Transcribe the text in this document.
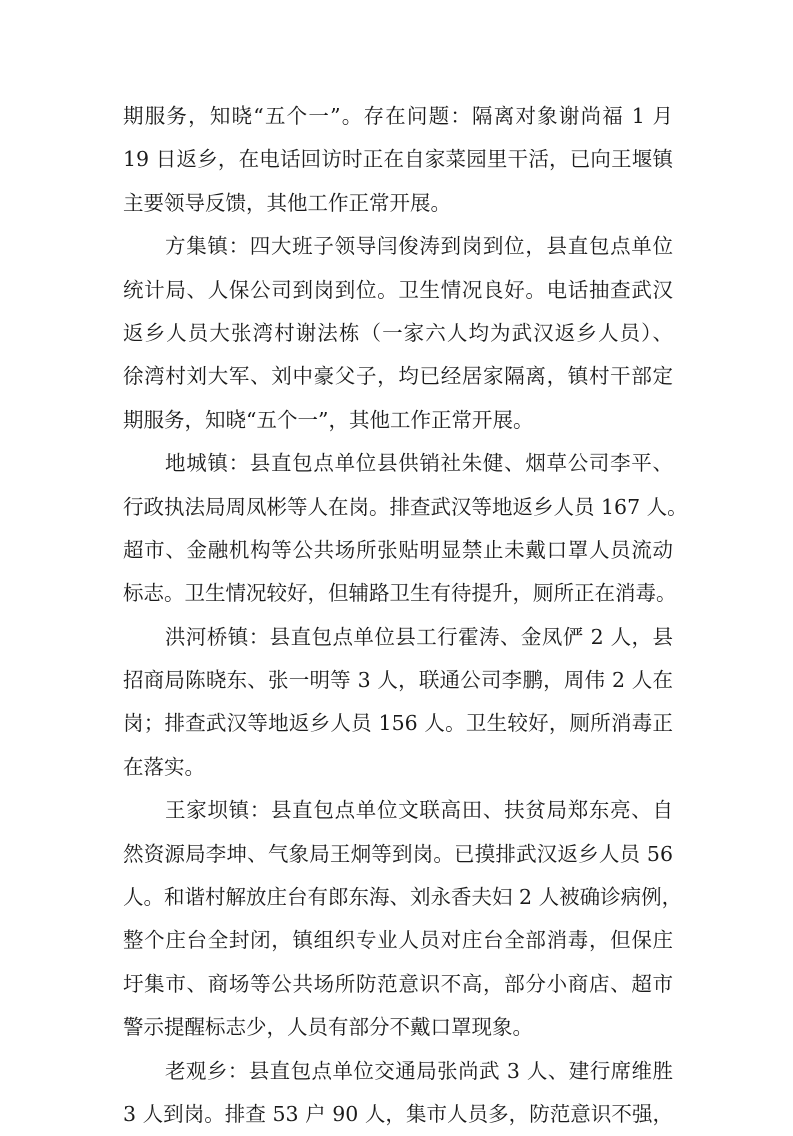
期服务，知晓“五个一”。存在问题：隔离对象谢尚福 1 月
19 日返乡，在电话回访时正在自家菜园里干活，已向王堰镇
主要领导反馈，其他工作正常开展。
方集镇：四大班子领导闫俊涛到岗到位，县直包点单位
统计局、人保公司到岗到位。卫生情况良好。电话抽查武汉
返乡人员大张湾村谢法栋（一家六人均为武汉返乡人员）、
徐湾村刘大军、刘中豪父子，均已经居家隔离，镇村干部定
期服务，知晓“五个一”，其他工作正常开展。
地城镇：县直包点单位县供销社朱健、烟草公司李平、
行政执法局周凤彬等人在岗。排查武汉等地返乡人员 167 人。
超市、金融机构等公共场所张贴明显禁止未戴口罩人员流动
标志。卫生情况较好，但辅路卫生有待提升，厕所正在消毒。
洪河桥镇：县直包点单位县工行霍涛、金凤俨 2 人，县
招商局陈晓东、张一明等 3 人，联通公司李鹏，周伟 2 人在
岗；排查武汉等地返乡人员 156 人。卫生较好，厕所消毒正
在落实。
王家坝镇：县直包点单位文联高田、扶贫局郑东亮、自
然资源局李坤、气象局王炯等到岗。已摸排武汉返乡人员 56
人。和谐村解放庄台有郎东海、刘永香夫妇 2 人被确诊病例，
整个庄台全封闭，镇组织专业人员对庄台全部消毒，但保庄
圩集市、商场等公共场所防范意识不高，部分小商店、超市
警示提醒标志少，人员有部分不戴口罩现象。
老观乡：县直包点单位交通局张尚武 3 人、建行席维胜
3 人到岗。排查 53 户 90 人，集市人员多，防范意识不强，
